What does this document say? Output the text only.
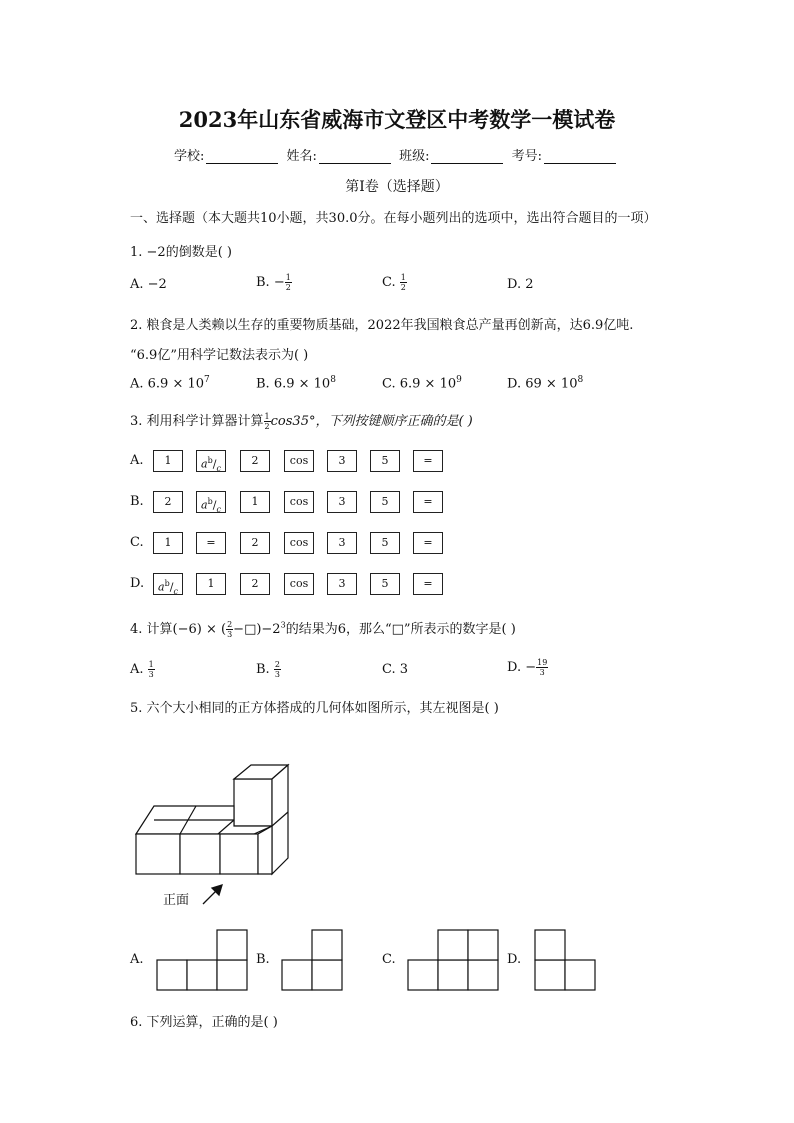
2023年山东省威海市文登区中考数学一模试卷
学校:	姓名:	班级:	考号:
第I卷（选择题）
一、选择题（本大题共10小题，共30.0分。在每小题列出的选项中，选出符合题目的一项）
1. −2的倒数是( )
A. −2	B. − $\frac{1}{2}$	C. $\frac{1}{2}$	D. 2
2. 粮食是人类赖以生存的重要物质基础，2022年我国粮食总产量再创新高，达6.9亿吨.
“6.9亿”用科学记数法表示为( )
A. $6.9 \times 10^7$	B. $6.9 \times 10^8$	C. $6.9 \times 10^9$	D. $69 \times 10^8$
3. 利用科学计算器计算 $\frac{1}{2} \cos 35^\circ$，下列按键顺序正确的是( )
A.	1	$a^b/_c$
2	cos	3	5	=
B.	2	$a^b/_c$
1	cos	3	5	=
C.	1	=	2	cos	3	5	=
D.	$a^b/_c$
1	2	cos	3	5	=
4. 计算(−6) × ( $\frac{2}{3}$ $-□)-2^3$的结果为6，那么“□”所表示的数字是( )
A. $\frac{1}{3}$	B. $\frac{2}{3}$	C. 3	D. − $\frac{19}{3}$
5. 六个大小相同的正方体搭成的几何体如图所示，其左视图是( )
正面
A.	B.	C.	D.
6. 下列运算，正确的是( )
